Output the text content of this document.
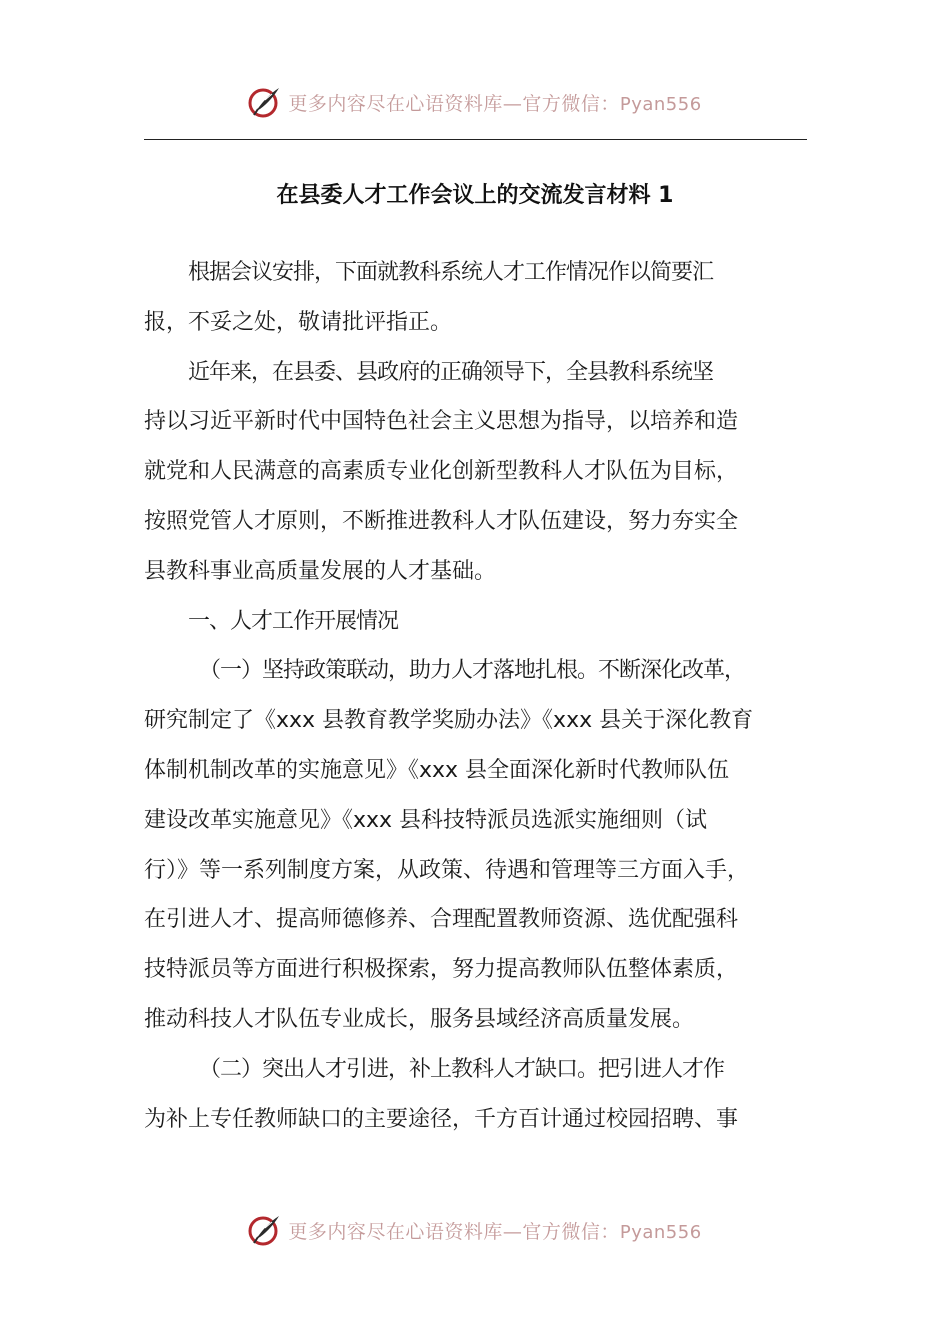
更多内容尽在心语资料库—官方微信：Pyan556
在县委人才工作会议上的交流发言材料 1

根据会议安排，下面就教科系统人才工作情况作以简要汇
报，不妥之处，敬请批评指正。

近年来，在县委、县政府的正确领导下，全县教科系统坚
持以习近平新时代中国特色社会主义思想为指导，以培养和造
就党和人民满意的高素质专业化创新型教科人才队伍为目标，
按照党管人才原则，不断推进教科人才队伍建设，努力夯实全
县教科事业高质量发展的人才基础。

一、人才工作开展情况

（一）坚持政策联动，助力人才落地扎根。不断深化改革，
研究制定了《xxx 县教育教学奖励办法》《xxx 县关于深化教育
体制机制改革的实施意见》《xxx 县全面深化新时代教师队伍
建设改革实施意见》《xxx 县科技特派员选派实施细则（试
行）》等一系列制度方案，从政策、待遇和管理等三方面入手，
在引进人才、提高师德修养、合理配置教师资源、选优配强科
技特派员等方面进行积极探索，努力提高教师队伍整体素质，
推动科技人才队伍专业成长，服务县域经济高质量发展。

（二）突出人才引进，补上教科人才缺口。把引进人才作
为补上专任教师缺口的主要途径，千方百计通过校园招聘、事

更多内容尽在心语资料库—官方微信：Pyan556
